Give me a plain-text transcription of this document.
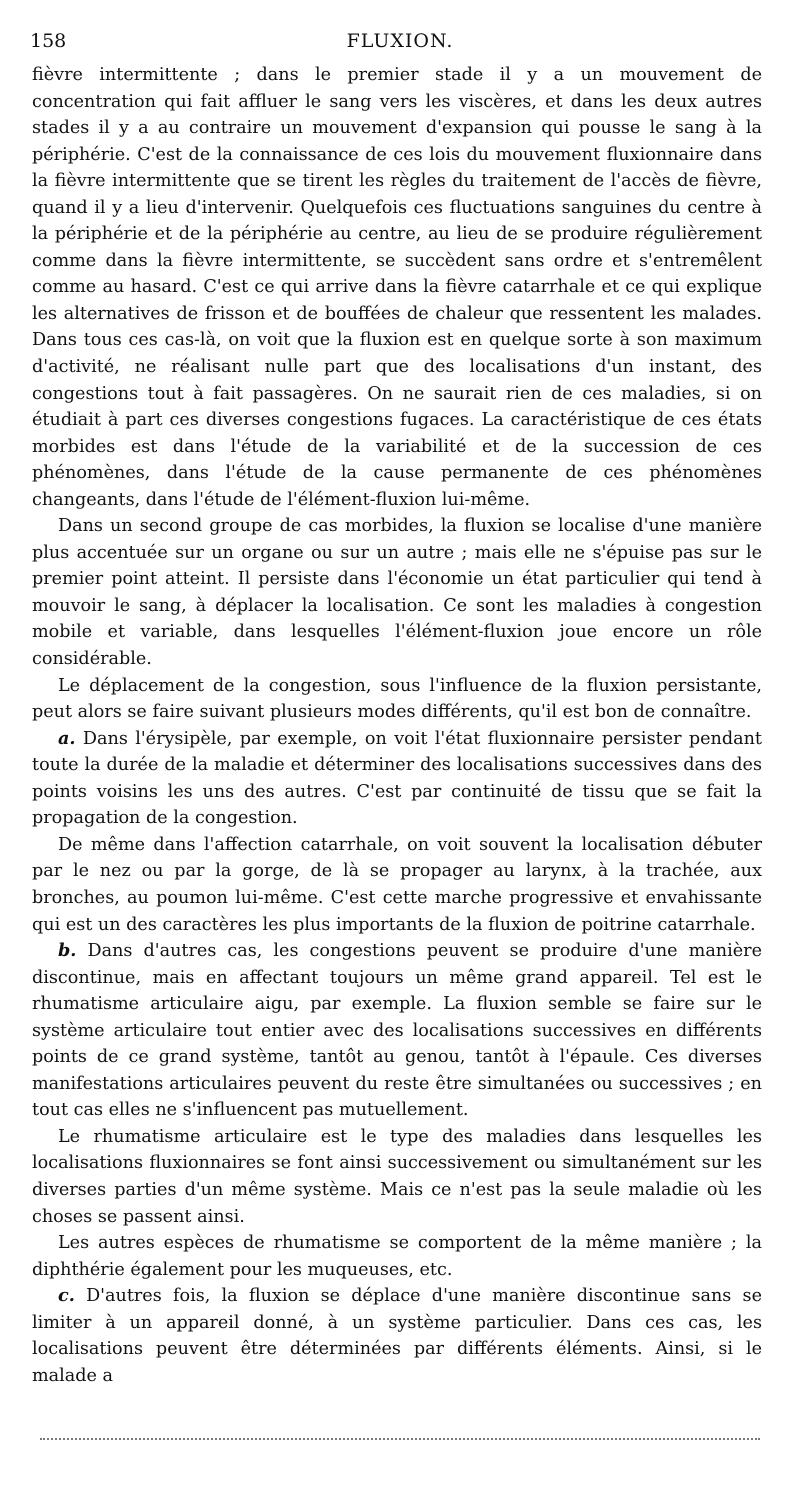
158	FLUXION.

fièvre intermittente ; dans le premier stade il y a un mouvement de concentration qui fait affluer le sang vers les viscères, et dans les deux autres stades il y a au contraire un mouvement d'expansion qui pousse le sang à la périphérie. C'est de la connaissance de ces lois du mouvement fluxionnaire dans la fièvre intermittente que se tirent les règles du traitement de l'accès de fièvre, quand il y a lieu d'intervenir. Quelquefois ces fluctuations sanguines du centre à la périphérie et de la périphérie au centre, au lieu de se produire régulièrement comme dans la fièvre intermittente, se succèdent sans ordre et s'entremêlent comme au hasard. C'est ce qui arrive dans la fièvre catarrhale et ce qui explique les alternatives de frisson et de bouffées de chaleur que ressentent les malades. Dans tous ces cas-là, on voit que la fluxion est en quelque sorte à son maximum d'activité, ne réalisant nulle part que des localisations d'un instant, des congestions tout à fait passagères. On ne saurait rien de ces maladies, si on étudiait à part ces diverses congestions fugaces. La caractéristique de ces états morbides est dans l'étude de la variabilité et de la succession de ces phénomènes, dans l'étude de la cause permanente de ces phénomènes changeants, dans l'étude de l'élément-fluxion lui-même.

Dans un second groupe de cas morbides, la fluxion se localise d'une manière plus accentuée sur un organe ou sur un autre ; mais elle ne s'épuise pas sur le premier point atteint. Il persiste dans l'économie un état particulier qui tend à mouvoir le sang, à déplacer la localisation. Ce sont les maladies à congestion mobile et variable, dans lesquelles l'élément-fluxion joue encore un rôle considérable.

Le déplacement de la congestion, sous l'influence de la fluxion persistante, peut alors se faire suivant plusieurs modes différents, qu'il est bon de connaître.

a. Dans l'érysipèle, par exemple, on voit l'état fluxionnaire persister pendant toute la durée de la maladie et déterminer des localisations successives dans des points voisins les uns des autres. C'est par continuité de tissu que se fait la propagation de la congestion.

De même dans l'affection catarrhale, on voit souvent la localisation débuter par le nez ou par la gorge, de là se propager au larynx, à la trachée, aux bronches, au poumon lui-même. C'est cette marche progressive et envahissante qui est un des caractères les plus importants de la fluxion de poitrine catarrhale.

b. Dans d'autres cas, les congestions peuvent se produire d'une manière discontinue, mais en affectant toujours un même grand appareil. Tel est le rhumatisme articulaire aigu, par exemple. La fluxion semble se faire sur le système articulaire tout entier avec des localisations successives en différents points de ce grand système, tantôt au genou, tantôt à l'épaule. Ces diverses manifestations articulaires peuvent du reste être simultanées ou successives ; en tout cas elles ne s'influencent pas mutuellement.

Le rhumatisme articulaire est le type des maladies dans lesquelles les localisations fluxionnaires se font ainsi successivement ou simultanément sur les diverses parties d'un même système. Mais ce n'est pas la seule maladie où les choses se passent ainsi.

Les autres espèces de rhumatisme se comportent de la même manière ; la diphthérie également pour les muqueuses, etc.

c. D'autres fois, la fluxion se déplace d'une manière discontinue sans se limiter à un appareil donné, à un système particulier. Dans ces cas, les localisations peuvent être déterminées par différents éléments. Ainsi, si le malade a
